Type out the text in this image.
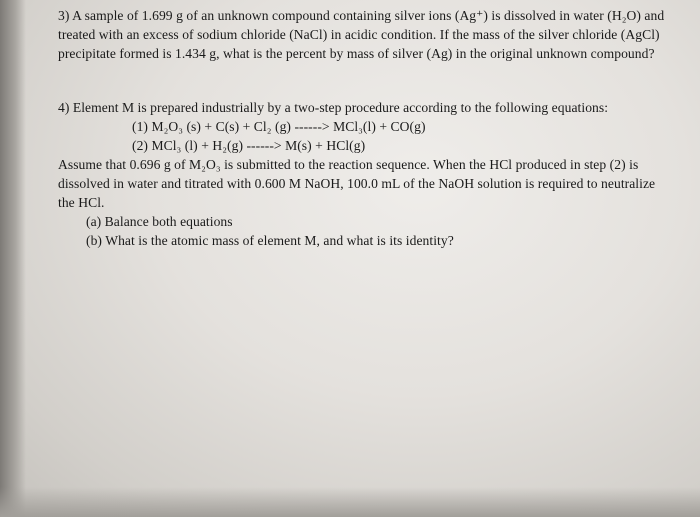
3) A sample of 1.699 g of an unknown compound containing silver ions (Ag⁺) is dissolved in water (H₂O) and
treated with an excess of sodium chloride (NaCl) in acidic condition. If the mass of the silver chloride (AgCl)
precipitate formed is 1.434 g, what is the percent by mass of silver (Ag) in the original unknown compound?
4) Element M is prepared industrially by a two-step procedure according to the following equations:
(1) M₂O₃ (s) + C(s) + Cl₂ (g) ------> MCl₃(l) + CO(g)
(2) MCl₃ (l) + H₂(g) ------> M(s) + HCl(g)
Assume that 0.696 g of M₂O₃ is submitted to the reaction sequence. When the HCl produced in step (2) is
dissolved in water and titrated with 0.600 M NaOH, 100.0 mL of the NaOH solution is required to neutralize
the HCl.
(a) Balance both equations
(b) What is the atomic mass of element M, and what is its identity?
